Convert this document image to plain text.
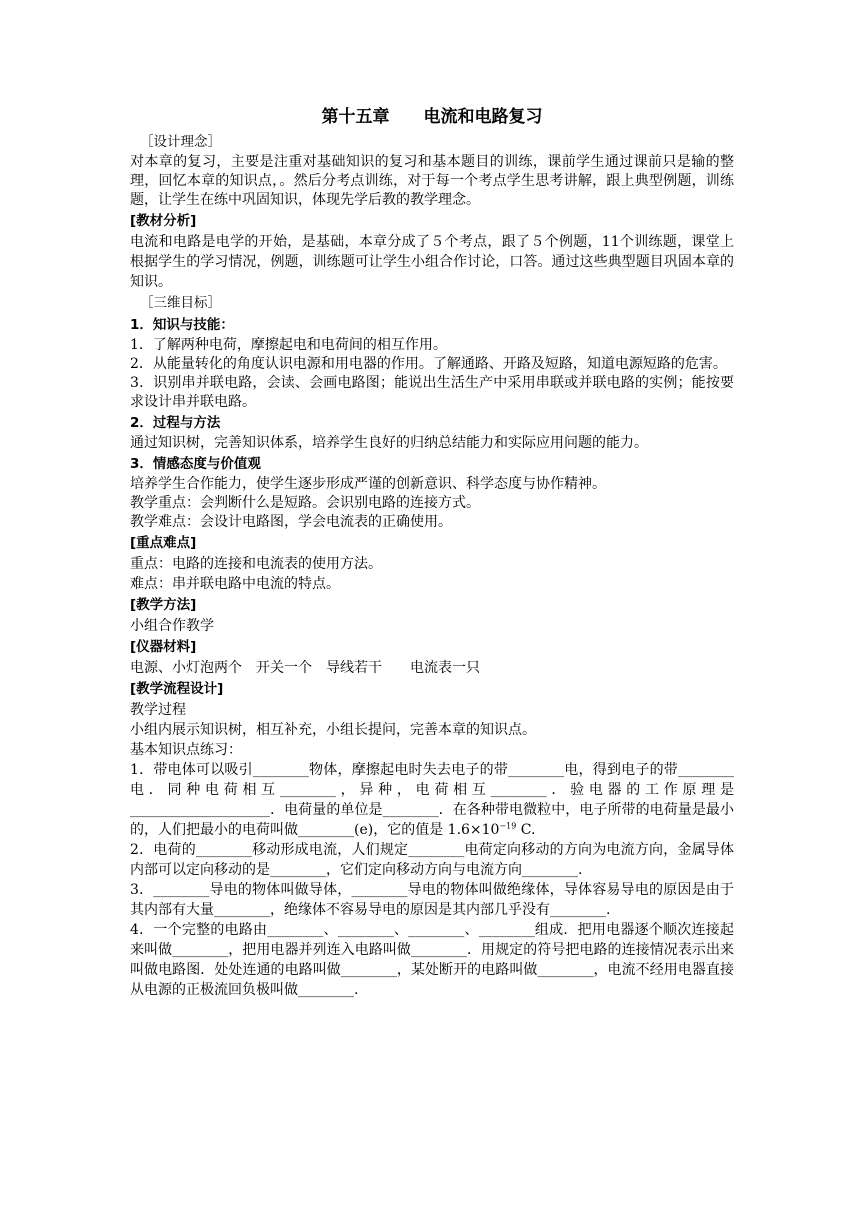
第十五章　　电流和电路复习
［设计理念］
对本章的复习，主要是注重对基础知识的复习和基本题目的训练，课前学生通过课前只是输的整理，回忆本章的知识点，。然后分考点训练，对于每一个考点学生思考讲解，跟上典型例题，训练题，让学生在练中巩固知识，体现先学后教的教学理念。
[教材分析]
电流和电路是电学的开始，是基础，本章分成了５个考点，跟了５个例题，11个训练题，课堂上根据学生的学习情况，例题，训练题可让学生小组合作讨论，口答。通过这些典型题目巩固本章的知识。
［三维目标］
1．知识与技能：
1．了解两种电荷，摩擦起电和电荷间的相互作用。
2．从能量转化的角度认识电源和用电器的作用。了解通路、开路及短路，知道电源短路的危害。
3．识别串并联电路，会读、会画电路图；能说出生活生产中采用串联或并联电路的实例；能按要求设计串并联电路。
2．过程与方法
通过知识树，完善知识体系，培养学生良好的归纳总结能力和实际应用问题的能力。
3．情感态度与价值观
培养学生合作能力，使学生逐步形成严谨的创新意识、科学态度与协作精神。
教学重点：会判断什么是短路。会识别电路的连接方式。
教学难点：会设计电路图，学会电流表的正确使用。
[重点难点]
重点：电路的连接和电流表的使用方法。
难点：串并联电路中电流的特点。
[教学方法]
小组合作教学
[仪器材料]
电源、小灯泡两个　开关一个　导线若干　　电流表一只
[教学流程设计]
教学过程
小组内展示知识树，相互补充，小组长提问，完善本章的知识点。
基本知识点练习：
1．带电体可以吸引________物体，摩擦起电时失去电子的带________电，得到电子的带________电．同种电荷相互________，异种，电荷相互________．验电器的工作原理是____________________．电荷量的单位是________．在各种带电微粒中，电子所带的电荷量是最小的，人们把最小的电荷叫做________(e)，它的值是 $1.6\times 10^{-19}$ C.
2．电荷的________移动形成电流，人们规定________电荷定向移动的方向为电流方向，金属导体内部可以定向移动的是________，它们定向移动方向与电流方向________.
3．________导电的物体叫做导体，________导电的物体叫做绝缘体，导体容易导电的原因是由于其内部有大量________，绝缘体不容易导电的原因是其内部几乎没有________.
4．一个完整的电路由________、________、________、________组成．把用电器逐个顺次连接起来叫做________，把用电器并列连入电路叫做________．用规定的符号把电路的连接情况表示出来叫做电路图．处处连通的电路叫做________，某处断开的电路叫做________，电流不经用电器直接从电源的正极流回负极叫做________.
